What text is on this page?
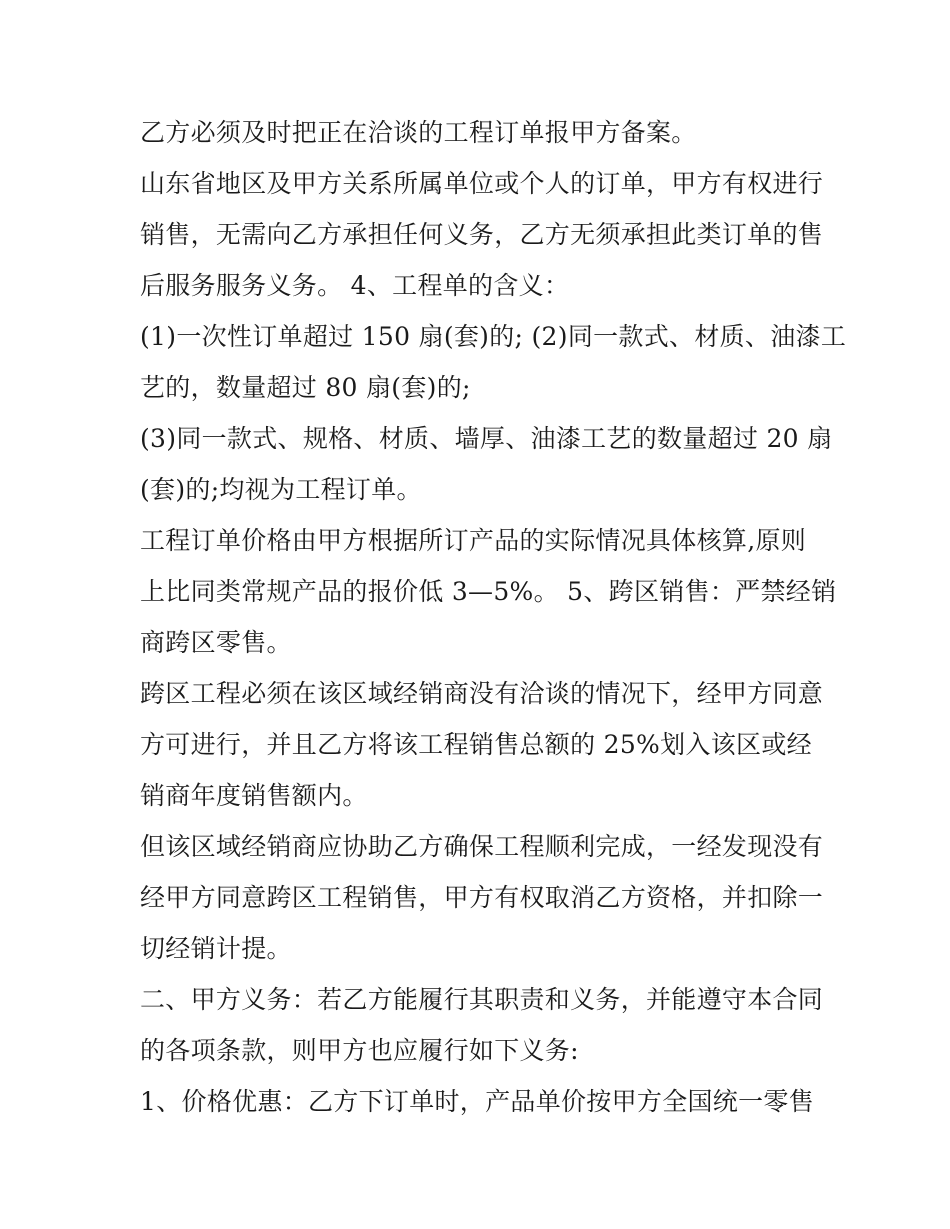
乙方必须及时把正在洽谈的工程订单报甲方备案。
山东省地区及甲方关系所属单位或个人的订单，甲方有权进行
销售，无需向乙方承担任何义务，乙方无须承担此类订单的售
后服务服务义务。 4、工程单的含义：
(1)一次性订单超过 150 扇(套)的; (2)同一款式、材质、油漆工
艺的，数量超过 80 扇(套)的;
(3)同一款式、规格、材质、墙厚、油漆工艺的数量超过 20 扇
(套)的;均视为工程订单。
工程订单价格由甲方根据所订产品的实际情况具体核算,原则
上比同类常规产品的报价低 3—5%。 5、跨区销售：严禁经销
商跨区零售。
跨区工程必须在该区域经销商没有洽谈的情况下，经甲方同意
方可进行，并且乙方将该工程销售总额的 25%划入该区或经
销商年度销售额内。
但该区域经销商应协助乙方确保工程顺利完成，一经发现没有
经甲方同意跨区工程销售，甲方有权取消乙方资格，并扣除一
切经销计提。
二、甲方义务：若乙方能履行其职责和义务，并能遵守本合同
的各项条款，则甲方也应履行如下义务:
1、价格优惠：乙方下订单时，产品单价按甲方全国统一零售
